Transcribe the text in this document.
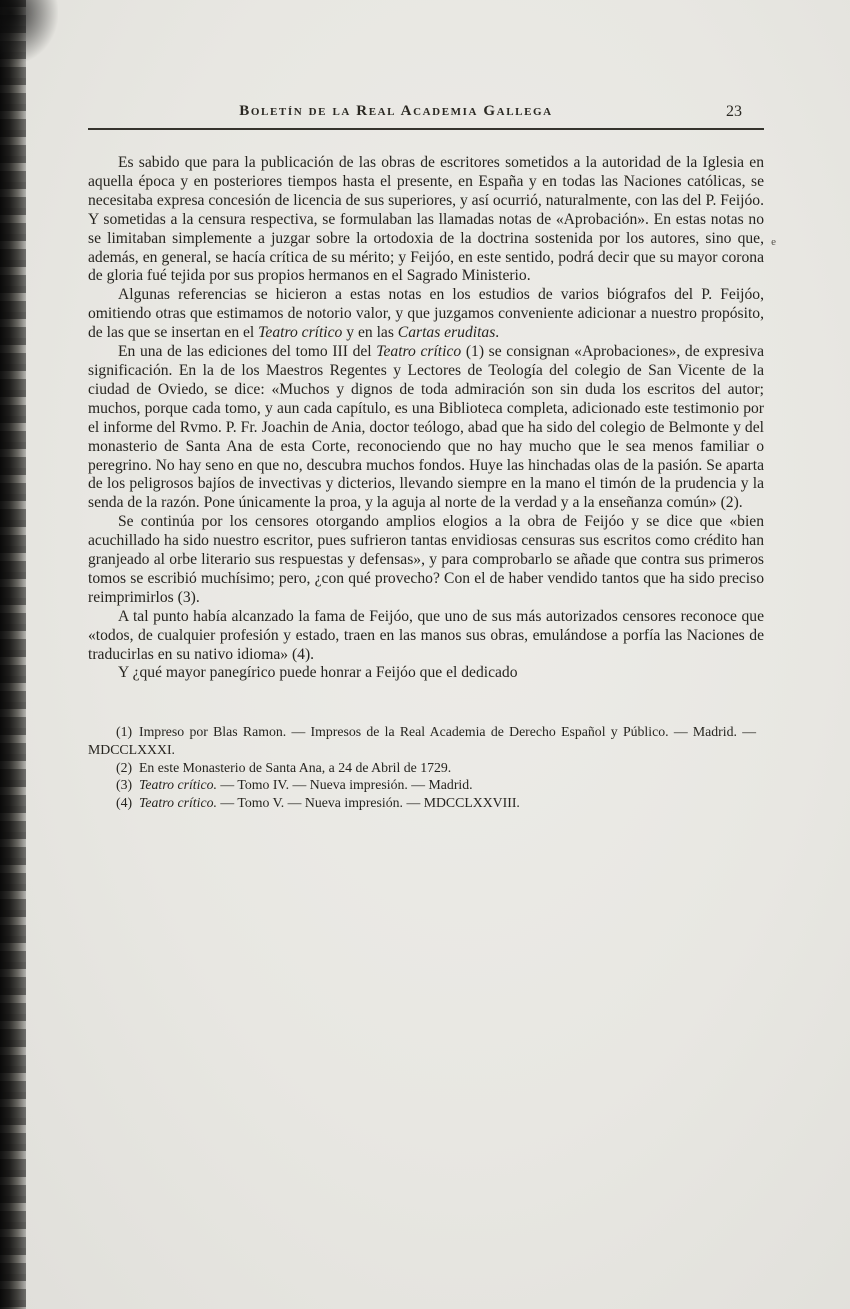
e
Boletín de la Real Academia Gallega	23

Es sabido que para la publicación de las obras de escritores sometidos a la autoridad de la Iglesia en aquella época y en posteriores tiempos hasta el presente, en España y en todas las Naciones católicas, se necesitaba expresa concesión de licencia de sus superiores, y así ocurrió, naturalmente, con las del P. Feijóo. Y sometidas a la censura respectiva, se formulaban las llamadas notas de «Aprobación». En estas notas no se limitaban simplemente a juzgar sobre la ortodoxia de la doctrina sostenida por los autores, sino que, además, en general, se hacía crítica de su mérito; y Feijóo, en este sentido, podrá decir que su mayor corona de gloria fué tejida por sus propios hermanos en el Sagrado Ministerio.

Algunas referencias se hicieron a estas notas en los estudios de varios biógrafos del P. Feijóo, omitiendo otras que estimamos de notorio valor, y que juzgamos conveniente adicionar a nuestro propósito, de las que se insertan en el Teatro crítico y en las Cartas eruditas.

En una de las ediciones del tomo III del Teatro crítico (1) se consignan «Aprobaciones», de expresiva significación. En la de los Maestros Regentes y Lectores de Teología del colegio de San Vicente de la ciudad de Oviedo, se dice: «Muchos y dignos de toda admiración son sin duda los escritos del autor; muchos, porque cada tomo, y aun cada capítulo, es una Biblioteca completa, adicionado este testimonio por el informe del Rvmo. P. Fr. Joachin de Ania, doctor teólogo, abad que ha sido del colegio de Belmonte y del monasterio de Santa Ana de esta Corte, reconociendo que no hay mucho que le sea menos familiar o peregrino. No hay seno en que no, descubra muchos fondos. Huye las hinchadas olas de la pasión. Se aparta de los peligrosos bajíos de invectivas y dicterios, llevando siempre en la mano el timón de la prudencia y la senda de la razón. Pone únicamente la proa, y la aguja al norte de la verdad y a la enseñanza común» (2).

Se continúa por los censores otorgando amplios elogios a la obra de Feijóo y se dice que «bien acuchillado ha sido nuestro escritor, pues sufrieron tantas envidiosas censuras sus escritos como crédito han granjeado al orbe literario sus respuestas y defensas», y para comprobarlo se añade que contra sus primeros tomos se escribió muchísimo; pero, ¿con qué provecho? Con el de haber vendido tantos que ha sido preciso reimprimirlos (3).

A tal punto había alcanzado la fama de Feijóo, que uno de sus más autorizados censores reconoce que «todos, de cualquier profesión y estado, traen en las manos sus obras, emulándose a porfía las Naciones de traducirlas en su nativo idioma» (4).

Y ¿qué mayor panegírico puede honrar a Feijóo que el dedicado

(1) Impreso por Blas Ramon. — Impresos de la Real Academia de Derecho Español y Público. — Madrid. — MDCCLXXXI.

(2) En este Monasterio de Santa Ana, a 24 de Abril de 1729.

(3) Teatro crítico. — Tomo IV. — Nueva impresión. — Madrid.

(4) Teatro crítico. — Tomo V. — Nueva impresión. — MDCCLXXVIII.
